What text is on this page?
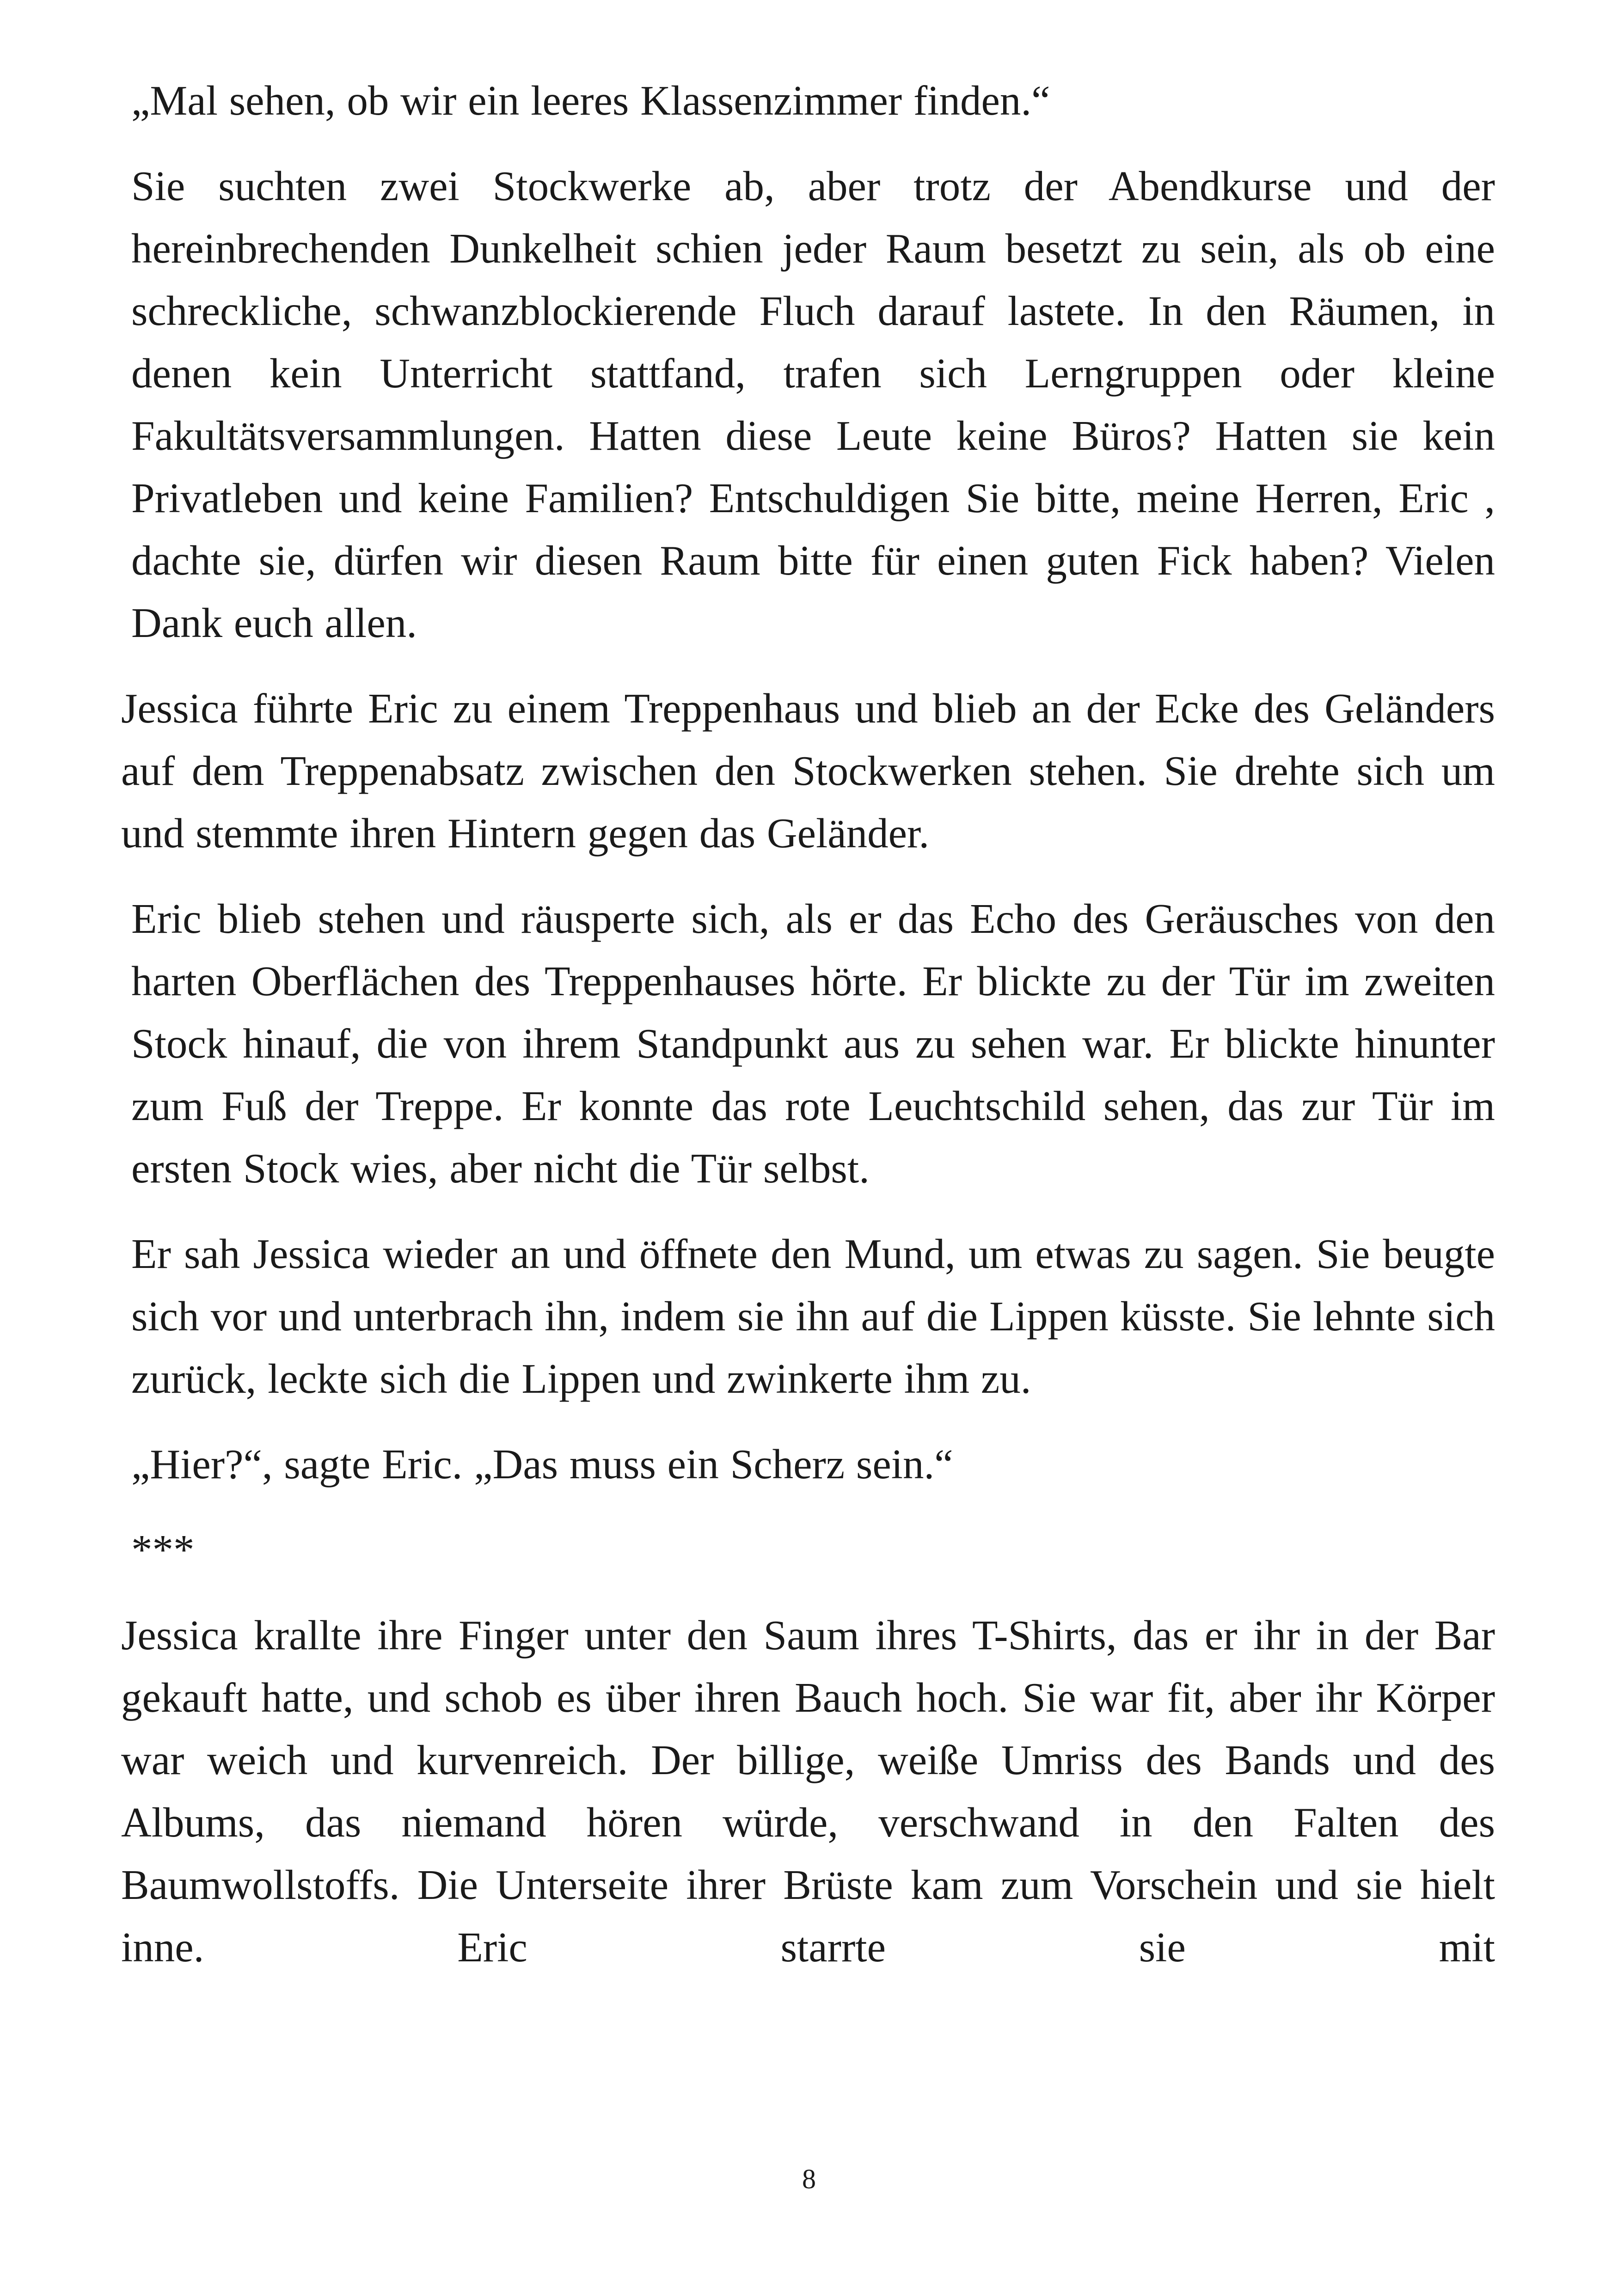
„Mal sehen, ob wir ein leeres Klassenzimmer finden.“

Sie suchten zwei Stockwerke ab, aber trotz der Abendkurse und der hereinbrechenden Dunkelheit schien jeder Raum besetzt zu sein, als ob eine schreckliche, schwanzblockierende Fluch darauf lastete. In den Räumen, in denen kein Unterricht stattfand, trafen sich Lerngruppen oder kleine Fakultätsversammlungen. Hatten diese Leute keine Büros? Hatten sie kein Privatleben und keine Familien? Entschuldigen Sie bitte, meine Herren, Eric , dachte sie, dürfen wir diesen Raum bitte für einen guten Fick haben? Vielen Dank euch allen.

Jessica führte Eric zu einem Treppenhaus und blieb an der Ecke des Geländers auf dem Treppenabsatz zwischen den Stockwerken stehen. Sie drehte sich um und stemmte ihren Hintern gegen das Geländer.

Eric blieb stehen und räusperte sich, als er das Echo des Geräusches von den harten Oberflächen des Treppenhauses hörte. Er blickte zu der Tür im zweiten Stock hinauf, die von ihrem Standpunkt aus zu sehen war. Er blickte hinunter zum Fuß der Treppe. Er konnte das rote Leuchtschild sehen, das zur Tür im ersten Stock wies, aber nicht die Tür selbst.

Er sah Jessica wieder an und öffnete den Mund, um etwas zu sagen. Sie beugte sich vor und unterbrach ihn, indem sie ihn auf die Lippen küsste. Sie lehnte sich zurück, leckte sich die Lippen und zwinkerte ihm zu.

„Hier?“, sagte Eric. „Das muss ein Scherz sein.“

***

Jessica krallte ihre Finger unter den Saum ihres T-Shirts, das er ihr in der Bar gekauft hatte, und schob es über ihren Bauch hoch. Sie war fit, aber ihr Körper war weich und kurvenreich. Der billige, weiße Umriss des Bands und des Albums, das niemand hören würde, verschwand in den Falten des Baumwollstoffs. Die Unterseite ihrer Brüste kam zum Vorschein und sie hielt inne. Eric starrte sie mit

8
